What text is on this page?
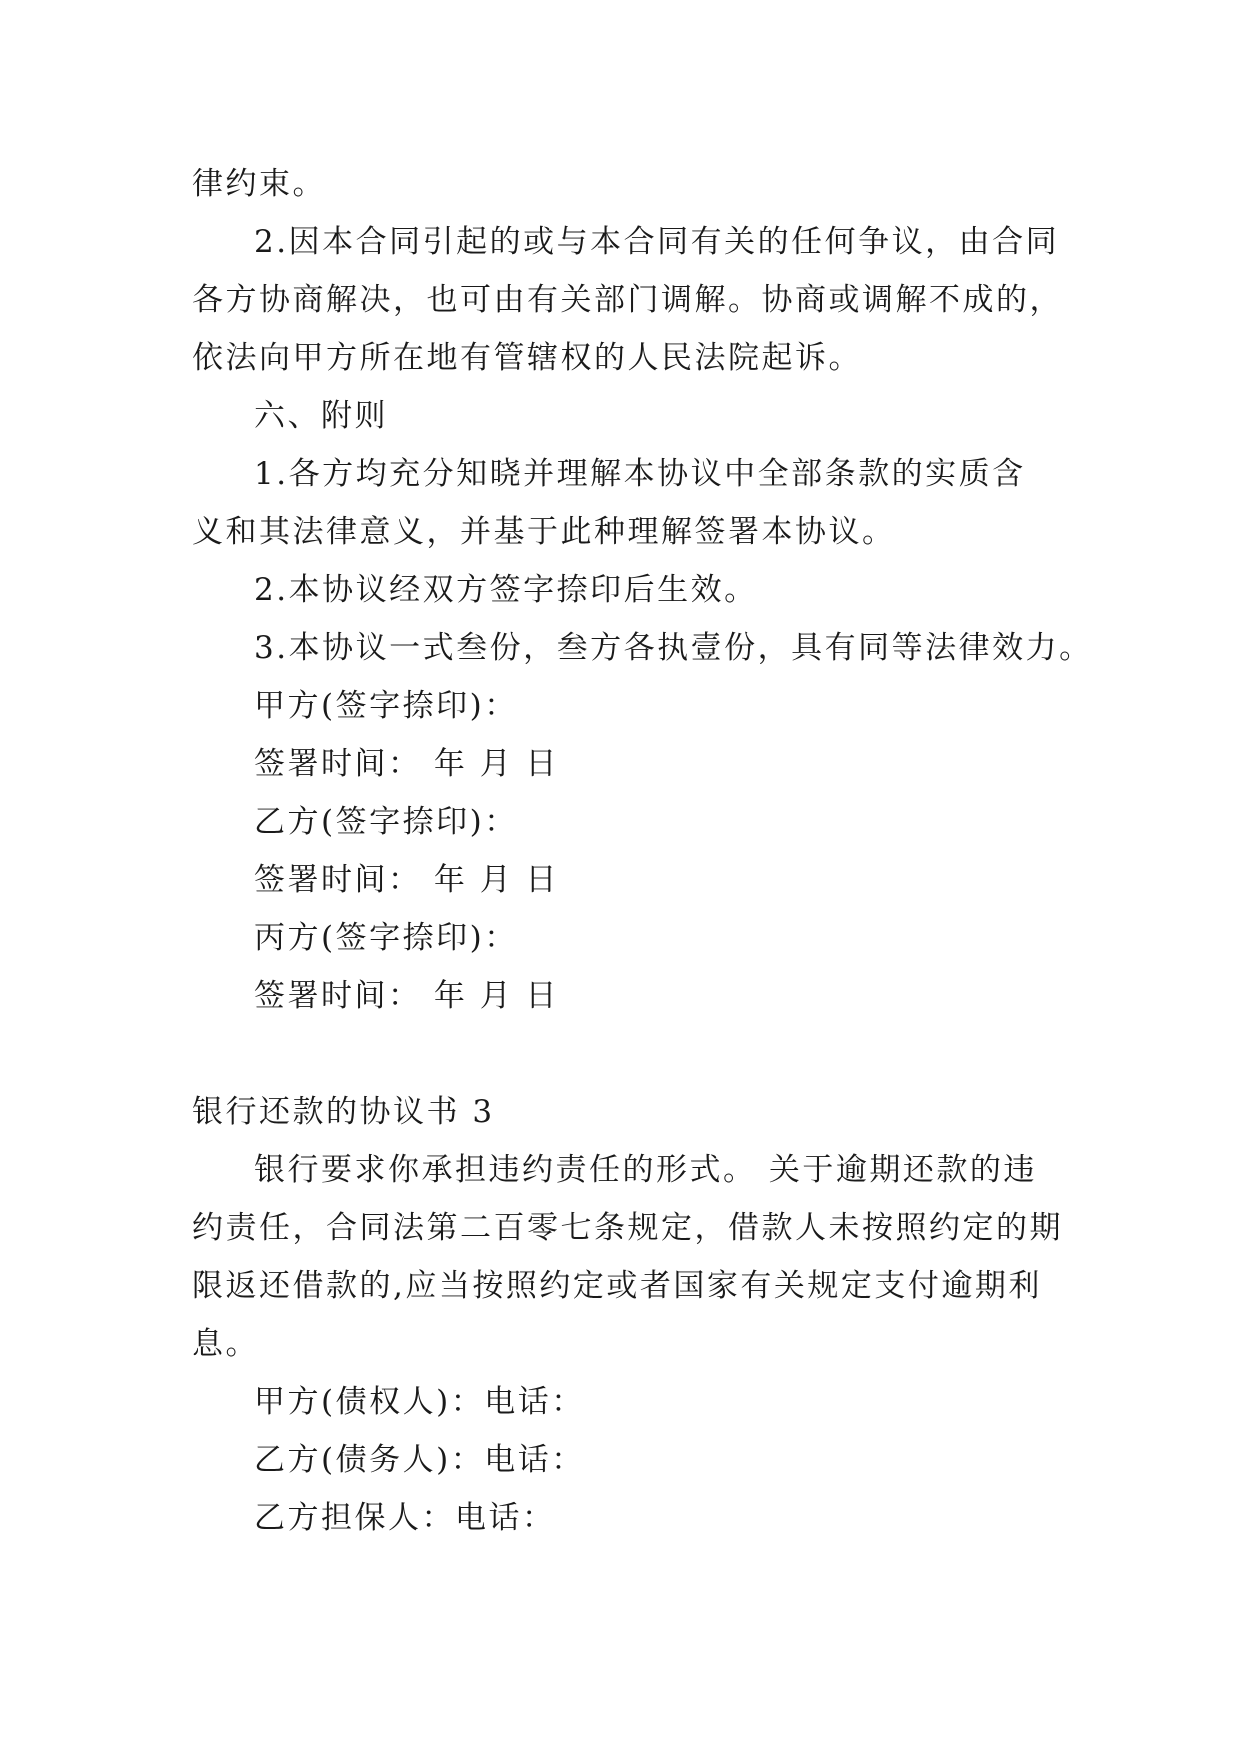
律约束。
2.因本合同引起的或与本合同有关的任何争议，由合同
各方协商解决，也可由有关部门调解。协商或调解不成的，
依法向甲方所在地有管辖权的人民法院起诉。
六、附则
1.各方均充分知晓并理解本协议中全部条款的实质含
义和其法律意义，并基于此种理解签署本协议。
2.本协议经双方签字捺印后生效。
3.本协议一式叁份，叁方各执壹份，具有同等法律效力。
甲方(签字捺印)：
签署时间： 年 月 日
乙方(签字捺印)：
签署时间： 年 月 日
丙方(签字捺印)：
签署时间： 年 月 日
银行还款的协议书 3
银行要求你承担违约责任的形式。 关于逾期还款的违
约责任，合同法第二百零七条规定，借款人未按照约定的期
限返还借款的,应当按照约定或者国家有关规定支付逾期利
息。
甲方(债权人)：电话：
乙方(债务人)：电话：
乙方担保人：电话：
